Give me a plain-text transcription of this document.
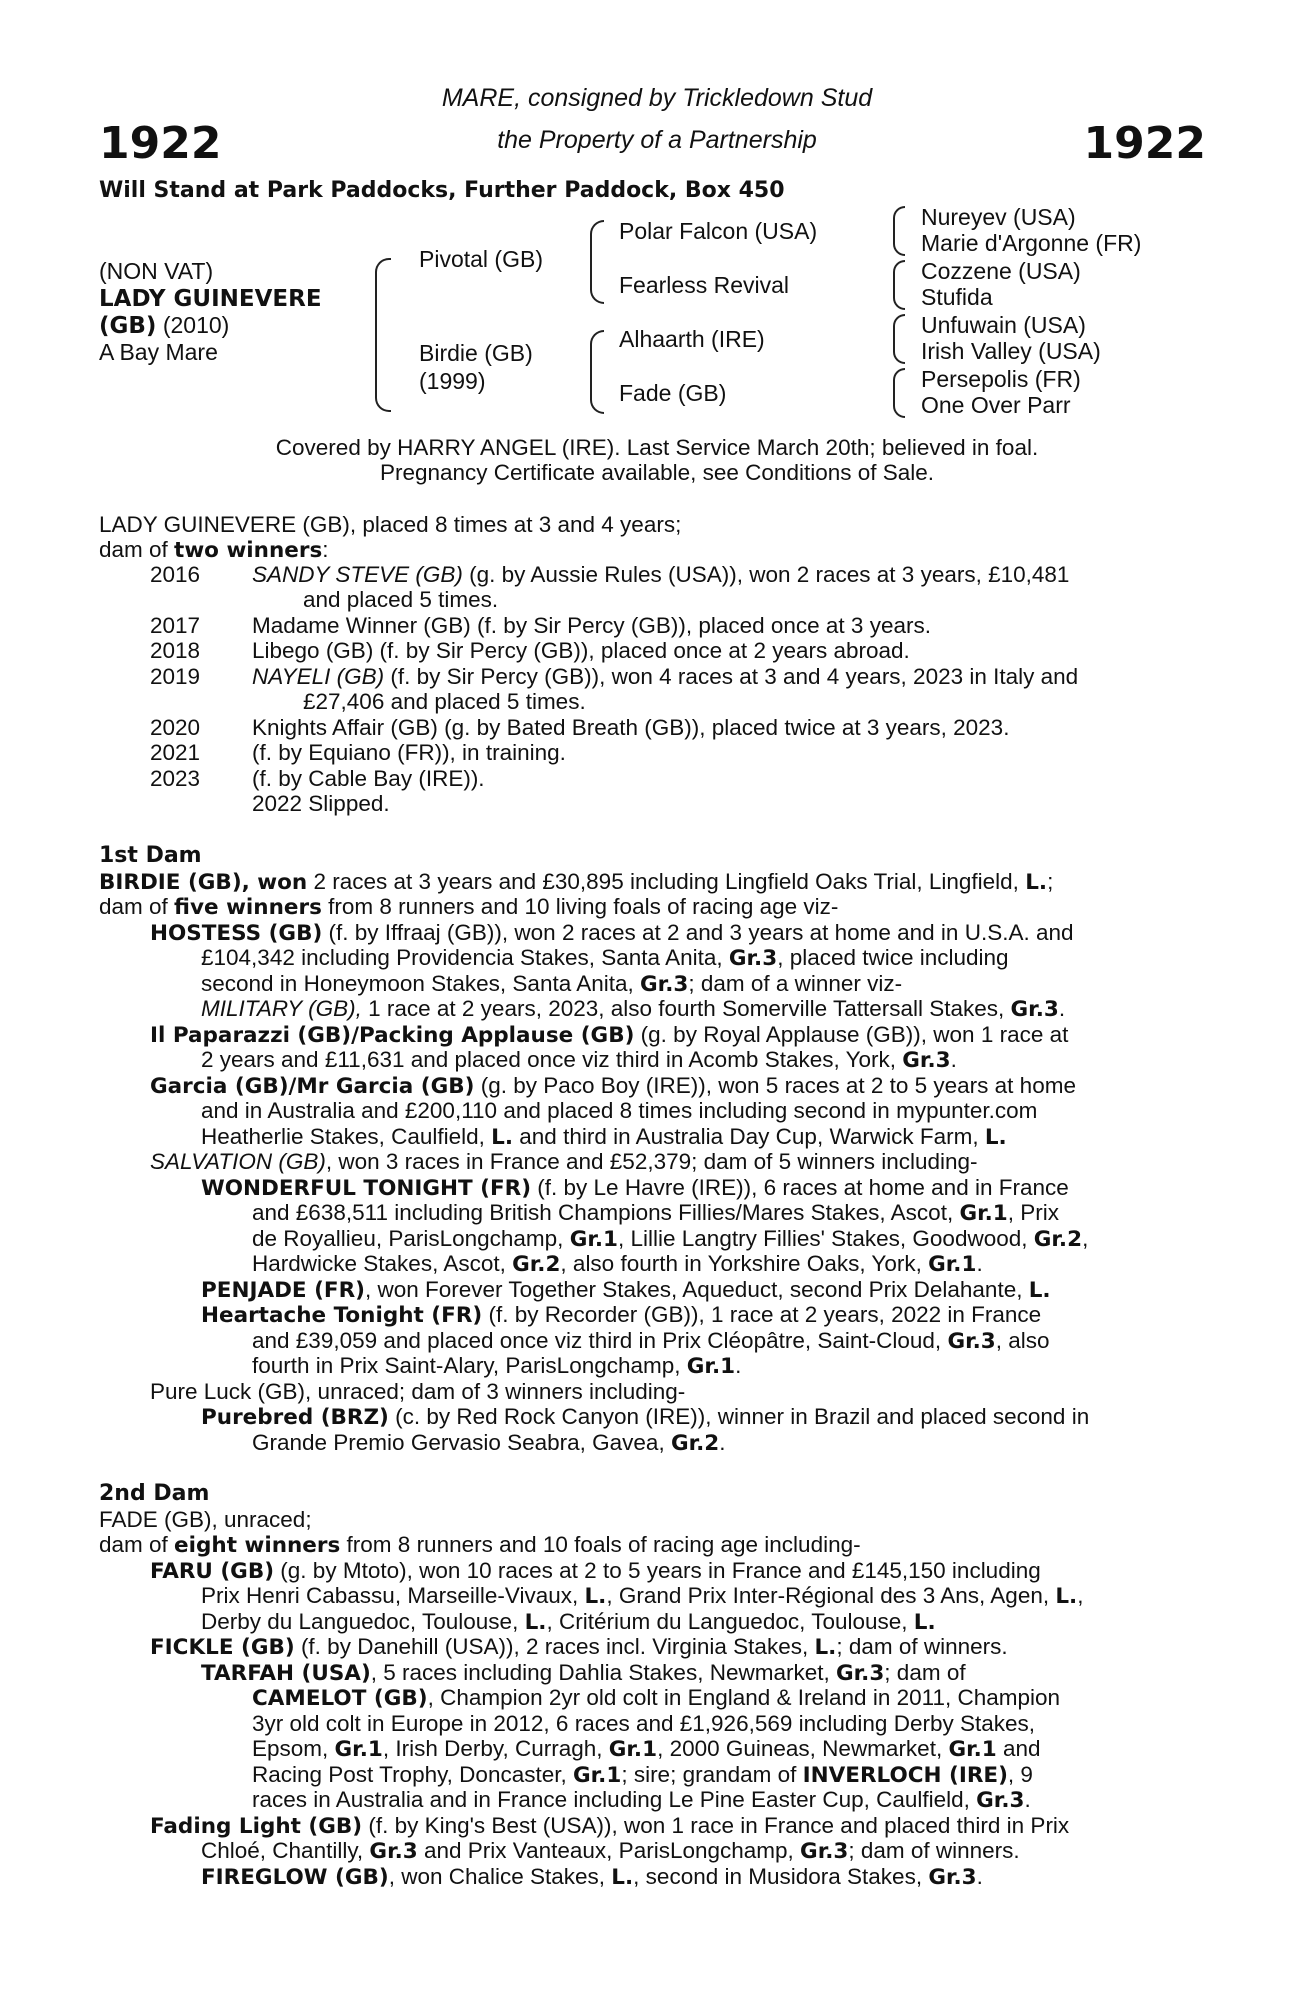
1922	1922
MARE, consigned by Trickledown Stud
the Property of a Partnership
Will Stand at Park Paddocks, Further Paddock, Box 450
(NON VAT)
LADY GUINEVERE
(GB) (2010)
A Bay Mare
Pivotal (GB)
Birdie (GB)
(1999)
Polar Falcon (USA)
Fearless Revival
Alhaarth (IRE)
Fade (GB)
Nureyev (USA)
Marie d'Argonne (FR)
Cozzene (USA)
Stufida
Unfuwain (USA)
Irish Valley (USA)
Persepolis (FR)
One Over Parr
Covered by HARRY ANGEL (IRE). Last Service March 20th; believed in foal.
Pregnancy Certificate available, see Conditions of Sale.
LADY GUINEVERE (GB), placed 8 times at 3 and 4 years;
dam of two winners:
2016 SANDY STEVE (GB) (g. by Aussie Rules (USA)), won 2 races at 3 years, £10,481
and placed 5 times.
2017 Madame Winner (GB) (f. by Sir Percy (GB)), placed once at 3 years.
2018 Libego (GB) (f. by Sir Percy (GB)), placed once at 2 years abroad.
2019 NAYELI (GB) (f. by Sir Percy (GB)), won 4 races at 3 and 4 years, 2023 in Italy and
£27,406 and placed 5 times.
2020 Knights Affair (GB) (g. by Bated Breath (GB)), placed twice at 3 years, 2023.
2021 (f. by Equiano (FR)), in training.
2023 (f. by Cable Bay (IRE)).
2022 Slipped.
1st Dam
BIRDIE (GB), won 2 races at 3 years and £30,895 including Lingfield Oaks Trial, Lingfield, L.;
dam of five winners from 8 runners and 10 living foals of racing age viz-
HOSTESS (GB) (f. by Iffraaj (GB)), won 2 races at 2 and 3 years at home and in U.S.A. and
£104,342 including Providencia Stakes, Santa Anita, Gr.3, placed twice including
second in Honeymoon Stakes, Santa Anita, Gr.3; dam of a winner viz-
MILITARY (GB), 1 race at 2 years, 2023, also fourth Somerville Tattersall Stakes, Gr.3.
Il Paparazzi (GB)/Packing Applause (GB) (g. by Royal Applause (GB)), won 1 race at
2 years and £11,631 and placed once viz third in Acomb Stakes, York, Gr.3.
Garcia (GB)/Mr Garcia (GB) (g. by Paco Boy (IRE)), won 5 races at 2 to 5 years at home
and in Australia and £200,110 and placed 8 times including second in mypunter.com
Heatherlie Stakes, Caulfield, L. and third in Australia Day Cup, Warwick Farm, L.
SALVATION (GB), won 3 races in France and £52,379; dam of 5 winners including-
WONDERFUL TONIGHT (FR) (f. by Le Havre (IRE)), 6 races at home and in France
and £638,511 including British Champions Fillies/Mares Stakes, Ascot, Gr.1, Prix
de Royallieu, ParisLongchamp, Gr.1, Lillie Langtry Fillies' Stakes, Goodwood, Gr.2,
Hardwicke Stakes, Ascot, Gr.2, also fourth in Yorkshire Oaks, York, Gr.1.
PENJADE (FR), won Forever Together Stakes, Aqueduct, second Prix Delahante, L.
Heartache Tonight (FR) (f. by Recorder (GB)), 1 race at 2 years, 2022 in France
and £39,059 and placed once viz third in Prix Cléopâtre, Saint-Cloud, Gr.3, also
fourth in Prix Saint-Alary, ParisLongchamp, Gr.1.
Pure Luck (GB), unraced; dam of 3 winners including-
Purebred (BRZ) (c. by Red Rock Canyon (IRE)), winner in Brazil and placed second in
Grande Premio Gervasio Seabra, Gavea, Gr.2.
2nd Dam
FADE (GB), unraced;
dam of eight winners from 8 runners and 10 foals of racing age including-
FARU (GB) (g. by Mtoto), won 10 races at 2 to 5 years in France and £145,150 including
Prix Henri Cabassu, Marseille-Vivaux, L., Grand Prix Inter-Régional des 3 Ans, Agen, L.,
Derby du Languedoc, Toulouse, L., Critérium du Languedoc, Toulouse, L.
FICKLE (GB) (f. by Danehill (USA)), 2 races incl. Virginia Stakes, L.; dam of winners.
TARFAH (USA), 5 races including Dahlia Stakes, Newmarket, Gr.3; dam of
CAMELOT (GB), Champion 2yr old colt in England & Ireland in 2011, Champion
3yr old colt in Europe in 2012, 6 races and £1,926,569 including Derby Stakes,
Epsom, Gr.1, Irish Derby, Curragh, Gr.1, 2000 Guineas, Newmarket, Gr.1 and
Racing Post Trophy, Doncaster, Gr.1; sire; grandam of INVERLOCH (IRE), 9
races in Australia and in France including Le Pine Easter Cup, Caulfield, Gr.3.
Fading Light (GB) (f. by King's Best (USA)), won 1 race in France and placed third in Prix
Chloé, Chantilly, Gr.3 and Prix Vanteaux, ParisLongchamp, Gr.3; dam of winners.
FIREGLOW (GB), won Chalice Stakes, L., second in Musidora Stakes, Gr.3.
